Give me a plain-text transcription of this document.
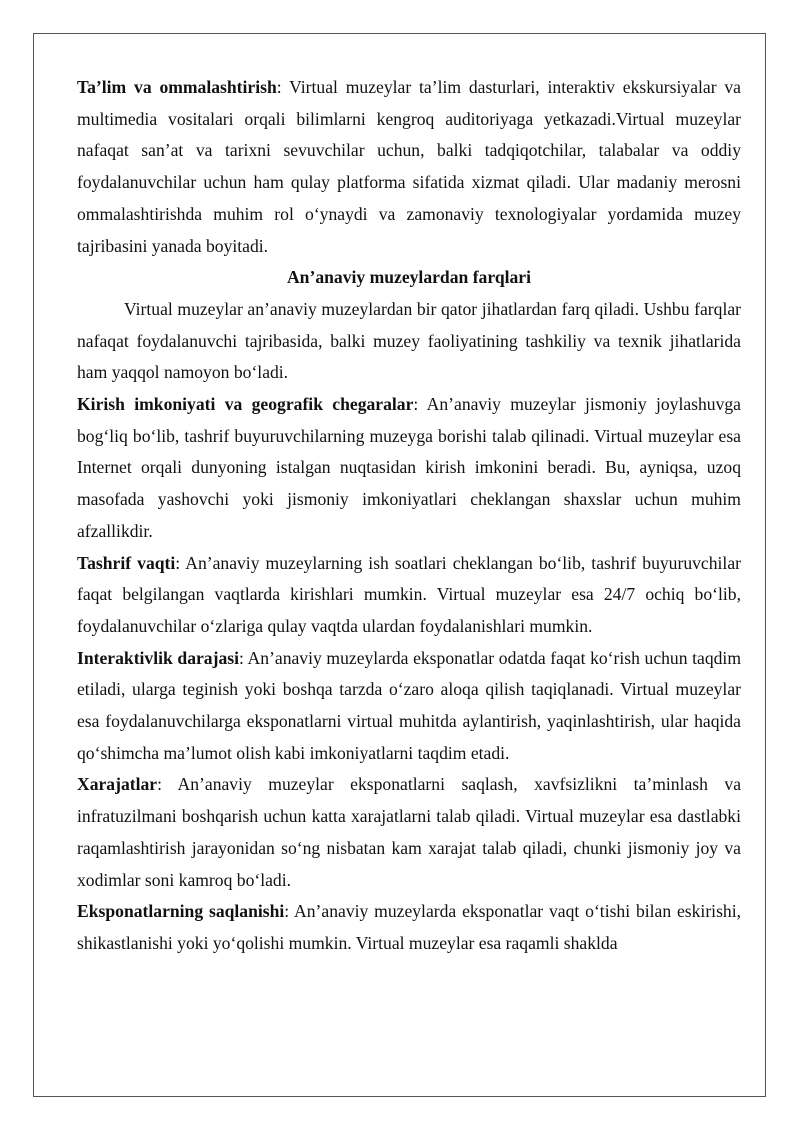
Ta’lim va ommalashtirish: Virtual muzeylar ta’lim dasturlari, interaktiv ekskursiyalar va multimedia vositalari orqali bilimlarni kengroq auditoriyaga yetkazadi.Virtual muzeylar nafaqat san’at va tarixni sevuvchilar uchun, balki tadqiqotchilar, talabalar va oddiy foydalanuvchilar uchun ham qulay platforma sifatida xizmat qiladi. Ular madaniy merosni ommalashtirishda muhim rol o‘ynaydi va zamonaviy texnologiyalar yordamida muzey tajribasini yanada boyitadi.

An’anaviy muzeylardan farqlari

Virtual muzeylar an’anaviy muzeylardan bir qator jihatlardan farq qiladi. Ushbu farqlar nafaqat foydalanuvchi tajribasida, balki muzey faoliyatining tashkiliy va texnik jihatlarida ham yaqqol namoyon bo‘ladi.

Kirish imkoniyati va geografik chegaralar: An’anaviy muzeylar jismoniy joylashuvga bog‘liq bo‘lib, tashrif buyuruvchilarning muzeyga borishi talab qilinadi. Virtual muzeylar esa Internet orqali dunyoning istalgan nuqtasidan kirish imkonini beradi. Bu, ayniqsa, uzoq masofada yashovchi yoki jismoniy imkoniyatlari cheklangan shaxslar uchun muhim afzallikdir.

Tashrif vaqti: An’anaviy muzeylarning ish soatlari cheklangan bo‘lib, tashrif buyuruvchilar faqat belgilangan vaqtlarda kirishlari mumkin. Virtual muzeylar esa 24/7 ochiq bo‘lib, foydalanuvchilar o‘zlariga qulay vaqtda ulardan foydalanishlari mumkin.

Interaktivlik darajasi: An’anaviy muzeylarda eksponatlar odatda faqat ko‘rish uchun taqdim etiladi, ularga teginish yoki boshqa tarzda o‘zaro aloqa qilish taqiqlanadi. Virtual muzeylar esa foydalanuvchilarga eksponatlarni virtual muhitda aylantirish, yaqinlashtirish, ular haqida qo‘shimcha ma’lumot olish kabi imkoniyatlarni taqdim etadi.

Xarajatlar: An’anaviy muzeylar eksponatlarni saqlash, xavfsizlikni ta’minlash va infratuzilmani boshqarish uchun katta xarajatlarni talab qiladi. Virtual muzeylar esa dastlabki raqamlashtirish jarayonidan so‘ng nisbatan kam xarajat talab qiladi, chunki jismoniy joy va xodimlar soni kamroq bo‘ladi.

Eksponatlarning saqlanishi: An’anaviy muzeylarda eksponatlar vaqt o‘tishi bilan eskirishi, shikastlanishi yoki yo‘qolishi mumkin. Virtual muzeylar esa raqamli shaklda
